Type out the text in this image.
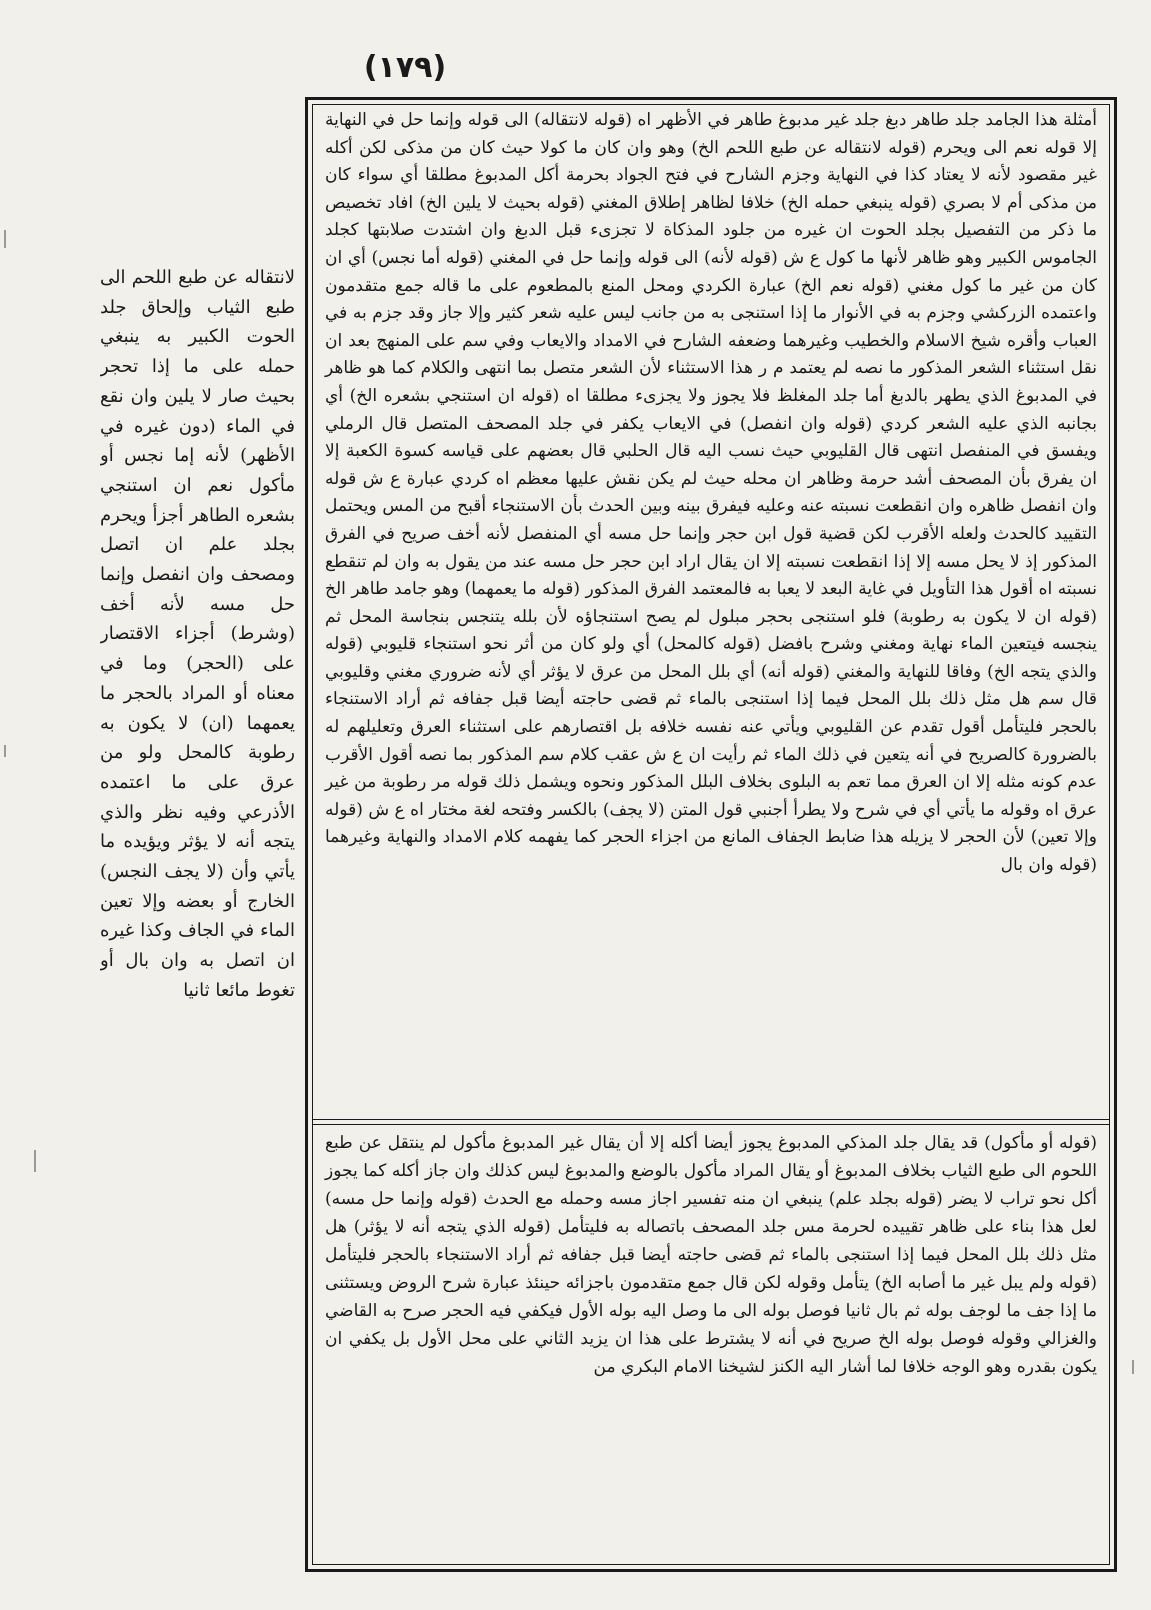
(١٧٩)

أمثلة هذا الجامد جلد طاهر دبغ جلد غير مدبوغ طاهر في الأظهر اه (قوله لانتقاله) الى قوله وإنما حل في النهاية إلا قوله نعم الى ويحرم (قوله لانتقاله عن طبع اللحم الخ) وهو وان كان ما كولا حيث كان من مذكى لكن أكله غير مقصود لأنه لا يعتاد كذا في النهاية وجزم الشارح في فتح الجواد بحرمة أكل المدبوغ مطلقا أي سواء كان من مذكى أم لا بصري (قوله ينبغي حمله الخ) خلافا لظاهر إطلاق المغني (قوله بحيث لا يلين الخ) افاد تخصيص ما ذكر من التفصيل بجلد الحوت ان غيره من جلود المذكاة لا تجزىء قبل الدبغ وان اشتدت صلابتها كجلد الجاموس الكبير وهو ظاهر لأنها ما كول ع ش (قوله لأنه) الى قوله وإنما حل في المغني (قوله أما نجس) أي ان كان من غير ما كول مغني (قوله نعم الخ) عبارة الكردي ومحل المنع بالمطعوم على ما قاله جمع متقدمون واعتمده الزركشي وجزم به في الأنوار ما إذا استنجى به من جانب ليس عليه شعر كثير وإلا جاز وقد جزم به في العباب وأقره شيخ الاسلام والخطيب وغيرهما وضعفه الشارح في الامداد والايعاب وفي سم على المنهج بعد ان نقل استثناء الشعر المذكور ما نصه لم يعتمد م ر هذا الاستثناء لأن الشعر متصل بما انتهى والكلام كما هو ظاهر في المدبوغ الذي يطهر بالدبغ أما جلد المغلظ فلا يجوز ولا يجزىء مطلقا اه (قوله ان استنجي بشعره الخ) أي بجانبه الذي عليه الشعر كردي (قوله وان انفصل) في الايعاب يكفر في جلد المصحف المتصل قال الرملي ويفسق في المنفصل انتهى قال القليوبي حيث نسب اليه قال الحلبي قال بعضهم على قياسه كسوة الكعبة إلا ان يفرق بأن المصحف أشد حرمة وظاهر ان محله حيث لم يكن نقش عليها معظم اه كردي عبارة ع ش قوله وان انفصل ظاهره وان انقطعت نسبته عنه وعليه فيفرق بينه وبين الحدث بأن الاستنجاء أقبح من المس ويحتمل التقييد كالحدث ولعله الأقرب لكن قضية قول ابن حجر وإنما حل مسه أي المنفصل لأنه أخف صريح في الفرق المذكور إذ لا يحل مسه إلا إذا انقطعت نسبته إلا ان يقال اراد ابن حجر حل مسه عند من يقول به وان لم تنقطع نسبته اه أقول هذا التأويل في غاية البعد لا يعبا به فالمعتمد الفرق المذكور (قوله ما يعمهما) وهو جامد طاهر الخ (قوله ان لا يكون به رطوبة) فلو استنجى بحجر مبلول لم يصح استنجاؤه لأن بلله يتنجس بنجاسة المحل ثم ينجسه فيتعين الماء نهاية ومغني وشرح بافضل (قوله كالمحل) أي ولو كان من أثر نحو استنجاء قليوبي (قوله والذي يتجه الخ) وفاقا للنهاية والمغني (قوله أنه) أي بلل المحل من عرق لا يؤثر أي لأنه ضروري مغني وقليوبي قال سم هل مثل ذلك بلل المحل فيما إذا استنجى بالماء ثم قضى حاجته أيضا قبل جفافه ثم أراد الاستنجاء بالحجر فليتأمل أقول تقدم عن القليوبي ويأتي عنه نفسه خلافه بل اقتصارهم على استثناء العرق وتعليلهم له بالضرورة كالصريح في أنه يتعين في ذلك الماء ثم رأيت ان ع ش عقب كلام سم المذكور بما نصه أقول الأقرب عدم كونه مثله إلا ان العرق مما تعم به البلوى بخلاف البلل المذكور ونحوه ويشمل ذلك قوله مر رطوبة من غير عرق اه وقوله ما يأتي أي في شرح ولا يطرأ أجنبي قول المتن (لا يجف) بالكسر وفتحه لغة مختار اه ع ش (قوله وإلا تعين) لأن الحجر لا يزيله هذا ضابط الجفاف المانع من اجزاء الحجر كما يفهمه كلام الامداد والنهاية وغيرهما (قوله وان بال

(قوله أو مأكول) قد يقال جلد المذكي المدبوغ يجوز أيضا أكله إلا أن يقال غير المدبوغ مأكول لم ينتقل عن طبع اللحوم الى طبع الثياب بخلاف المدبوغ أو يقال المراد مأكول بالوضع والمدبوغ ليس كذلك وان جاز أكله كما يجوز أكل نحو تراب لا يضر (قوله بجلد علم) ينبغي ان منه تفسير اجاز مسه وحمله مع الحدث (قوله وإنما حل مسه) لعل هذا بناء على ظاهر تقييده لحرمة مس جلد المصحف باتصاله به فليتأمل (قوله الذي يتجه أنه لا يؤثر) هل مثل ذلك بلل المحل فيما إذا استنجى بالماء ثم قضى حاجته أيضا قبل جفافه ثم أراد الاستنجاء بالحجر فليتأمل (قوله ولم يبل غير ما أصابه الخ) يتأمل وقوله لكن قال جمع متقدمون باجزائه حينئذ عبارة شرح الروض ويستثنى ما إذا جف ما لوجف بوله ثم بال ثانيا فوصل بوله الى ما وصل اليه بوله الأول فيكفي فيه الحجر صرح به القاضي والغزالي وقوله فوصل بوله الخ صريح في أنه لا يشترط على هذا ان يزيد الثاني على محل الأول بل يكفي ان يكون بقدره وهو الوجه خلافا لما أشار اليه الكنز لشيخنا الامام البكري من

لانتقاله عن طبع اللحم الى طبع الثياب وإلحاق جلد الحوت الكبير به ينبغي حمله على ما إذا تحجر بحيث صار لا يلين وان نقع في الماء (دون غيره في الأظهر) لأنه إما نجس أو مأكول نعم ان استنجي بشعره الطاهر أجزأ ويحرم بجلد علم ان اتصل ومصحف وان انفصل وإنما حل مسه لأنه أخف (وشرط) أجزاء الاقتصار على (الحجر) وما في معناه أو المراد بالحجر ما يعمهما (ان) لا يكون به رطوبة كالمحل ولو من عرق على ما اعتمده الأذرعي وفيه نظر والذي يتجه أنه لا يؤثر ويؤيده ما يأتي وأن (لا يجف النجس) الخارج أو بعضه وإلا تعين الماء في الجاف وكذا غيره ان اتصل به وان بال أو تغوط مائعا ثانيا
